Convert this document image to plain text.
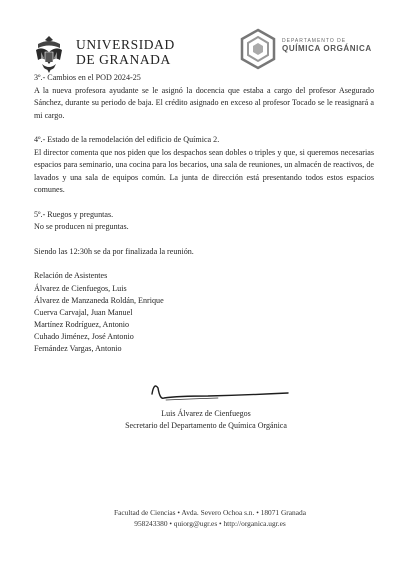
UNIVERSIDAD
DE GRANADA
DEPARTAMENTO DE
QUÍMICA ORGÁNICA

3º.- Cambios en el POD 2024-25

A la nueva profesora ayudante se le asignó la docencia que estaba a cargo del profesor Asegurado Sánchez, durante su periodo de baja. El crédito asignado en exceso al profesor Tocado se le reasignará a mi cargo.

4º.- Estado de la remodelación del edificio de Química 2.

El director comenta que nos piden que los despachos sean dobles o triples y que, si queremos necesarias espacios para seminario, una cocina para los becarios, una sala de reuniones, un almacén de reactivos, de lavados y una sala de equipos común. La junta de dirección está presentando todos estos espacios comunes.

5º.- Ruegos y preguntas.

No se producen ni preguntas.

Siendo las 12:30h se da por finalizada la reunión.

Relación de Asistentes

Álvarez de Cienfuegos, Luis
Álvarez de Manzaneda Roldán, Enrique
Cuerva Carvajal, Juan Manuel
Martínez Rodríguez, Antonio
Cuhado Jiménez, José Antonio
Fernández Vargas, Antonio
Luis Álvarez de Cienfuegos
Secretario del Departamento de Química Orgánica
Facultad de Ciencias • Avda. Severo Ochoa s.n. • 18071 Granada
958243380 • quiorg@ugr.es • http://organica.ugr.es
